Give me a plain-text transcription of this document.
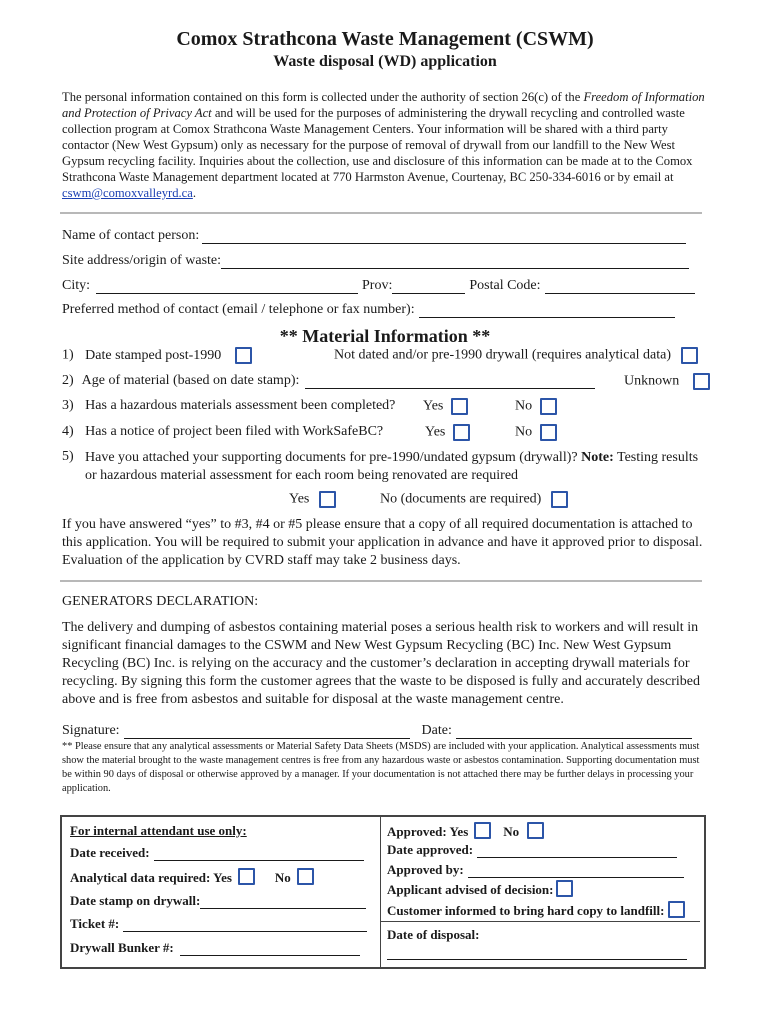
Comox Strathcona Waste Management (CSWM)
Waste disposal (WD) application
The personal information contained on this form is collected under the authority of section 26(c) of the Freedom of Information and Protection of Privacy Act and will be used for the purposes of administering the drywall recycling and controlled waste collection program at Comox Strathcona Waste Management Centers. Your information will be shared with a third party contactor (New West Gypsum) only as necessary for the purpose of removal of drywall from our landfill to the New West Gypsum recycling facility. Inquiries about the collection, use and disclosure of this information can be made at to the Comox Strathcona Waste Management department located at 770 Harmston Avenue, Courtenay, BC 250-334-6016 or by email at cswm@comoxvalleyrd.ca.
Name of contact person:
Site address/origin of waste:
City:	Prov:	Postal Code:
Preferred method of contact (email / telephone or fax number):
** Material Information **
1) Date stamped post-1990	Not dated and/or pre-1990 drywall (requires analytical data)
2) Age of material (based on date stamp):	Unknown
3) Has a hazardous materials assessment been completed? Yes	No
4) Has a notice of project been filed with WorkSafeBC?	Yes	No
5) Have you attached your supporting documents for pre-1990/undated gypsum (drywall)? Note: Testing results or hazardous material assessment for each room being renovated are required
Yes	No (documents are required)
If you have answered “yes” to #3, #4 or #5 please ensure that a copy of all required documentation is attached to this application. You will be required to submit your application in advance and have it approved prior to disposal. Evaluation of the application by CVRD staff may take 2 business days.
GENERATORS DECLARATION:
The delivery and dumping of asbestos containing material poses a serious health risk to workers and will result in significant financial damages to the CSWM and New West Gypsum Recycling (BC) Inc. New West Gypsum Recycling (BC) Inc. is relying on the accuracy and the customer’s declaration in accepting drywall materials for recycling. By signing this form the customer agrees that the waste to be disposed is fully and accurately described above and is free from asbestos and suitable for disposal at the waste management centre.
Signature:	Date:
** Please ensure that any analytical assessments or Material Safety Data Sheets (MSDS) are included with your application. Analytical assessments must show the material brought to the waste management centres is free from any hazardous waste or asbestos contamination. Supporting documentation must be within 90 days of disposal or otherwise approved by a manager. If your documentation is not attached there may be further delays in processing your application.
For internal attendant use only:
Date received:
Analytical data required: Yes	No
Date stamp on drywall:
Ticket #:
Drywall Bunker #:
Approved: Yes	No
Date approved:
Approved by:
Applicant advised of decision:
Customer informed to bring hard copy to landfill:
Date of disposal:
